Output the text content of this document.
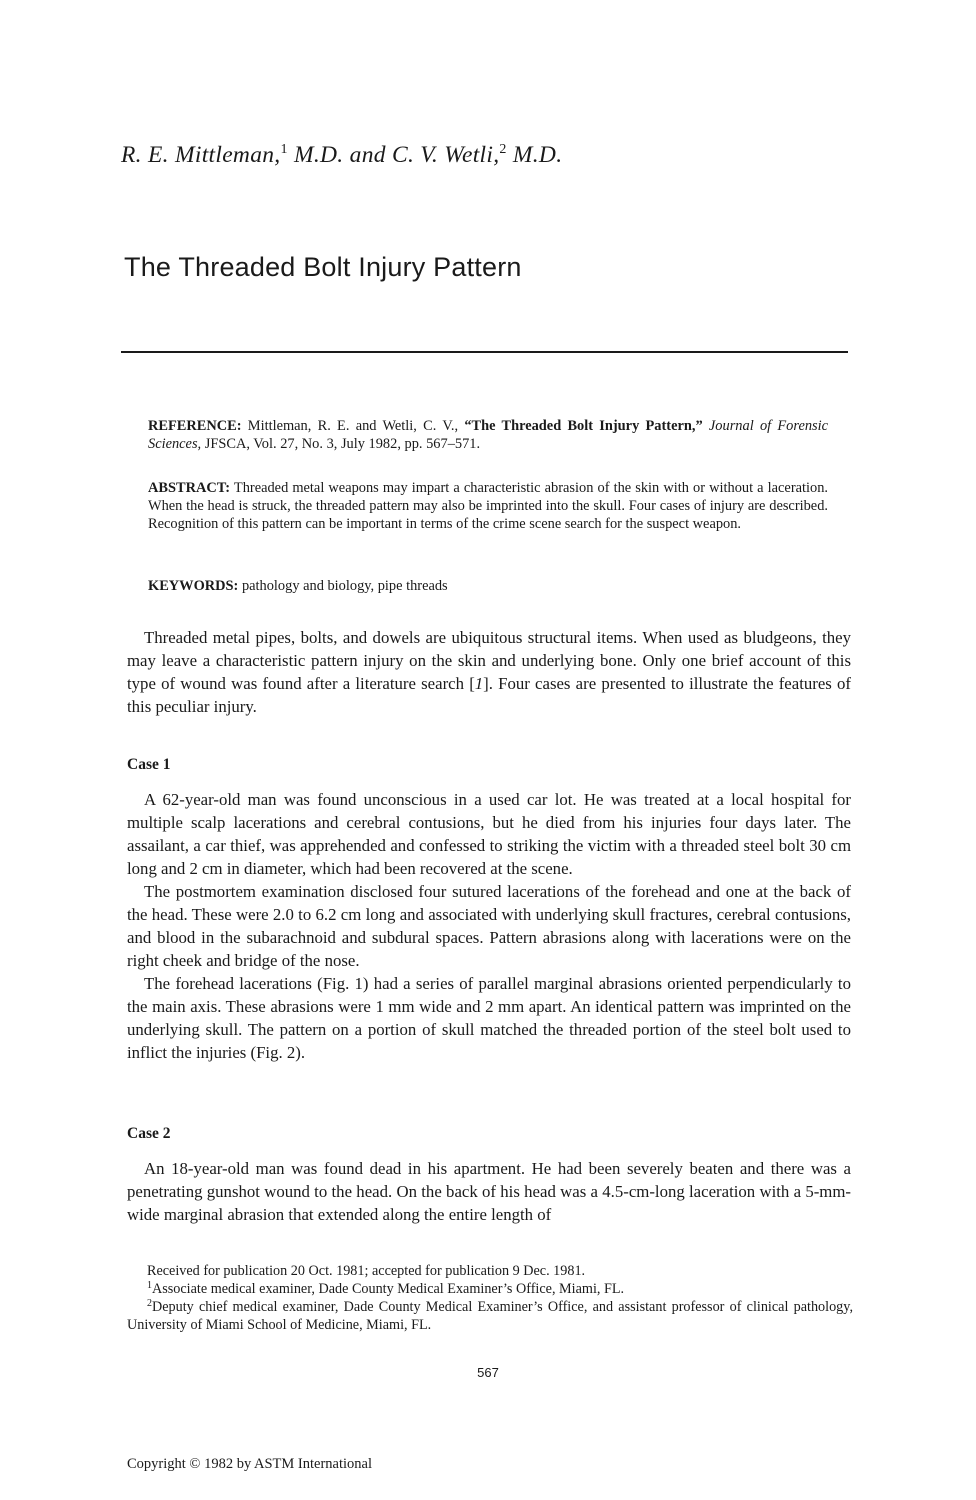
R. E. Mittleman,$^1$ M.D. and C. V. Wetli,$^2$ M.D.
The Threaded Bolt Injury Pattern
REFERENCE: Mittleman, R. E. and Wetli, C. V., “The Threaded Bolt Injury Pattern,” Journal of Forensic Sciences, JFSCA, Vol. 27, No. 3, July 1982, pp. 567–571.
ABSTRACT: Threaded metal weapons may impart a characteristic abrasion of the skin with or without a laceration. When the head is struck, the threaded pattern may also be imprinted into the skull. Four cases of injury are described. Recognition of this pattern can be important in terms of the crime scene search for the suspect weapon.
KEYWORDS: pathology and biology, pipe threads

Threaded metal pipes, bolts, and dowels are ubiquitous structural items. When used as bludgeons, they may leave a characteristic pattern injury on the skin and underlying bone. Only one brief account of this type of wound was found after a literature search [1]. Four cases are presented to illustrate the features of this peculiar injury.

Case 1

A 62-year-old man was found unconscious in a used car lot. He was treated at a local hospital for multiple scalp lacerations and cerebral contusions, but he died from his injuries four days later. The assailant, a car thief, was apprehended and confessed to striking the victim with a threaded steel bolt 30 cm long and 2 cm in diameter, which had been recovered at the scene.

The postmortem examination disclosed four sutured lacerations of the forehead and one at the back of the head. These were 2.0 to 6.2 cm long and associated with underlying skull fractures, cerebral contusions, and blood in the subarachnoid and subdural spaces. Pattern abrasions along with lacerations were on the right cheek and bridge of the nose.

The forehead lacerations (Fig. 1) had a series of parallel marginal abrasions oriented perpendicularly to the main axis. These abrasions were 1 mm wide and 2 mm apart. An identical pattern was imprinted on the underlying skull. The pattern on a portion of skull matched the threaded portion of the steel bolt used to inflict the injuries (Fig. 2).

Case 2

An 18-year-old man was found dead in his apartment. He had been severely beaten and there was a penetrating gunshot wound to the head. On the back of his head was a 4.5-cm-long laceration with a 5-mm-wide marginal abrasion that extended along the entire length of

Received for publication 20 Oct. 1981; accepted for publication 9 Dec. 1981.

$^1$Associate medical examiner, Dade County Medical Examiner’s Office, Miami, FL.

$^2$Deputy chief medical examiner, Dade County Medical Examiner’s Office, and assistant professor of clinical pathology, University of Miami School of Medicine, Miami, FL.

567
Copyright © 1982 by ASTM International
